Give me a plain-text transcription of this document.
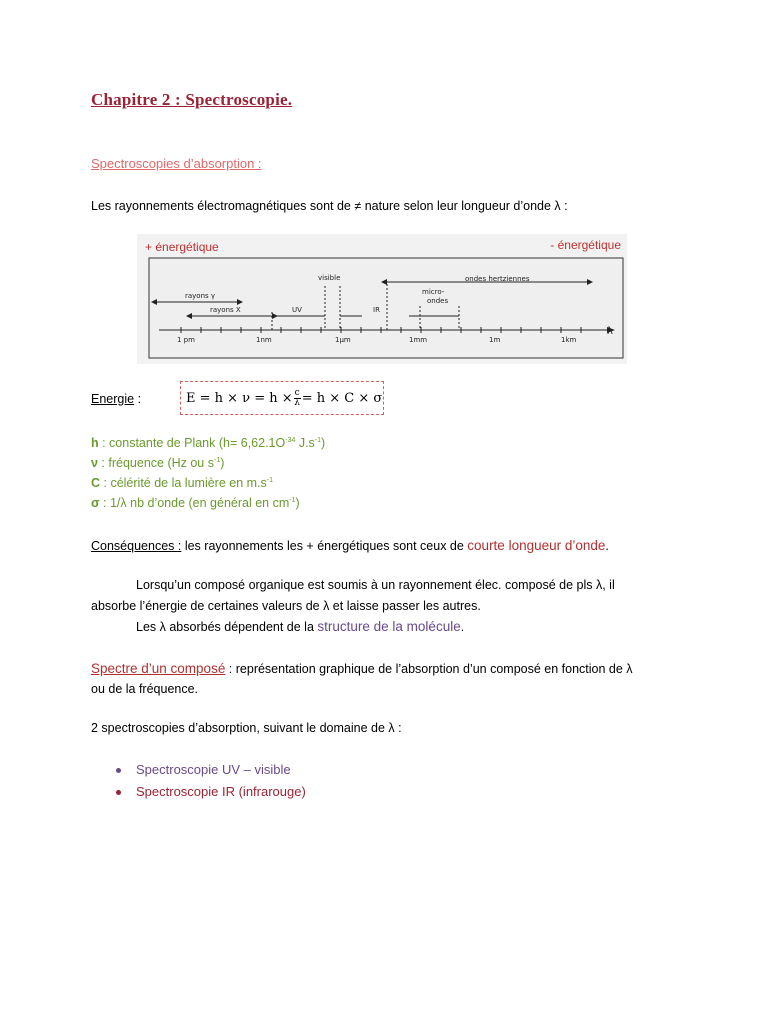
Chapitre 2 : Spectroscopie.
Spectroscopies d’absorption :
Les rayonnements électromagnétiques sont de ≠ nature selon leur longueur d’onde λ :
λ
visible	ondes hertziennes
rayons γ
rayons X	UV	IR
micro-
ondes
1 pm	1nm	1µm	1mm	1m	1km
+ énergétique	- énergétique
Energie :	$E = h \times \nu = h \times \frac{c}{\lambda} = h \times C \times \sigma$
h : constante de Plank ($h= 6,62.1O^{-34}$ $J.s^{-1}$)
ν : fréquence (Hz ou $s^{-1}$)
C : célérité de la lumière en $m.s^{-1}$
σ : 1/λ nb d’onde (en général en $cm^{-1}$)
Conséquences : les rayonnements les + énergétiques sont ceux de courte longueur d’onde.
Lorsqu’un composé organique est soumis à un rayonnement élec. composé de pls λ, il
absorbe l’énergie de certaines valeurs de λ et laisse passer les autres.
Les λ absorbés dépendent de la structure de la molécule.
Spectre d’un composé : représentation graphique de l’absorption d’un composé en fonction de λ
ou de la fréquence.
2 spectroscopies d’absorption, suivant le domaine de λ :
Spectroscopie UV – visible
Spectroscopie IR (infrarouge)
